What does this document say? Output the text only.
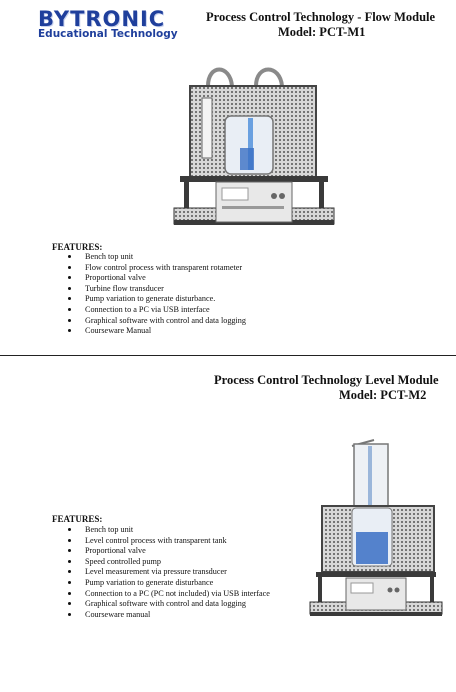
BYTRONIC
Educational Technology
Process Control Technology - Flow Module
Model: PCT-M1
FEATURES:
Bench top unit
Flow control process with transparent rotameter
Proportional valve
Turbine flow transducer
Pump variation to generate disturbance.
Connection to a PC via USB interface
Graphical software with control and data logging
Courseware Manual
Process Control Technology Level Module
Model: PCT-M2
FEATURES:
Bench top unit
Level control process with transparent tank
Proportional valve
Speed controlled pump
Level measurement via pressure transducer
Pump variation to generate disturbance
Connection to a PC (PC not included) via USB interface
Graphical software with control and data logging
Courseware manual
